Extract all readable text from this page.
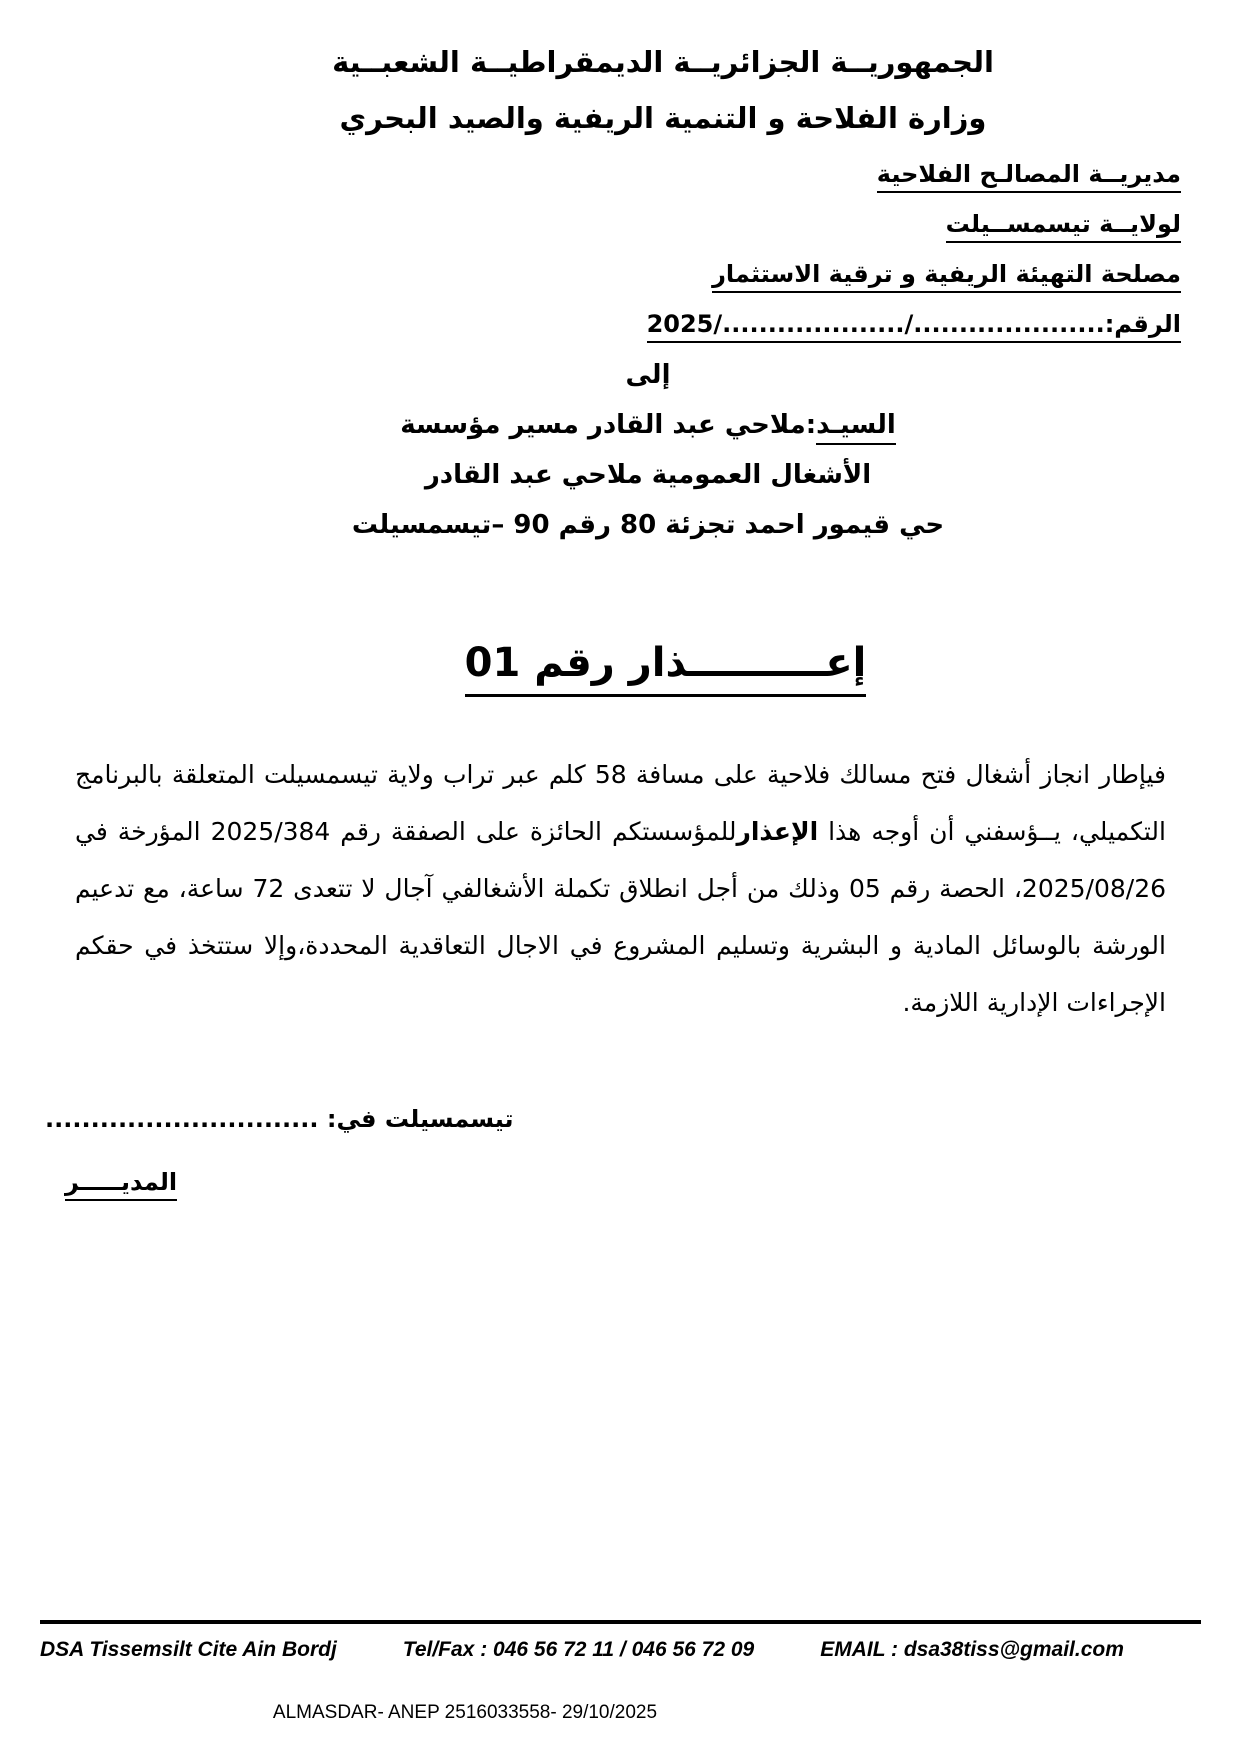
الجمهوريــة الجزائريــة الديمقراطيــة الشعبــية
وزارة الفلاحة و التنمية الريفية والصيد البحري
مديريــة المصالـح الفلاحية
لولايــة تيسمســيلت
مصلحة التهيئة الريفية و ترقية الاستثمار
الرقم:...................../..................../2025
إلى
السيـد:ملاحي عبد القادر مسير مؤسسة
الأشغال العمومية ملاحي عبد القادر
حي قيمور احمد تجزئة 80 رقم 90 –تيسمسيلت
إعــــــــــذار رقم 01

فيإطار انجاز أشغال فتح مسالك فلاحية على مسافة 58 كلم عبر تراب ولاية تيسمسيلت المتعلقة بالبرنامج التكميلي، يــؤسفني أن أوجه هذا الإعذارللمؤسستكم الحائزة على الصفقة رقم 2025/384 المؤرخة في 2025/08/26، الحصة رقم 05 وذلك من أجل انطلاق تكملة الأشغالفي آجال لا تتعدى 72 ساعة، مع تدعيم الورشة بالوسائل المادية و البشرية وتسليم المشروع في الاجال التعاقدية المحددة،وإلا ستتخذ في حقكم الإجراءات الإدارية اللازمة.

تيسمسيلت في: ..............................
المديـــــر
DSA Tissemsilt Cite Ain Bordj	Tel/Fax : 046 56 72 11 / 046 56 72 09	EMAIL : dsa38tiss@gmail.com
ALMASDAR- ANEP 2516033558- 29/10/2025
